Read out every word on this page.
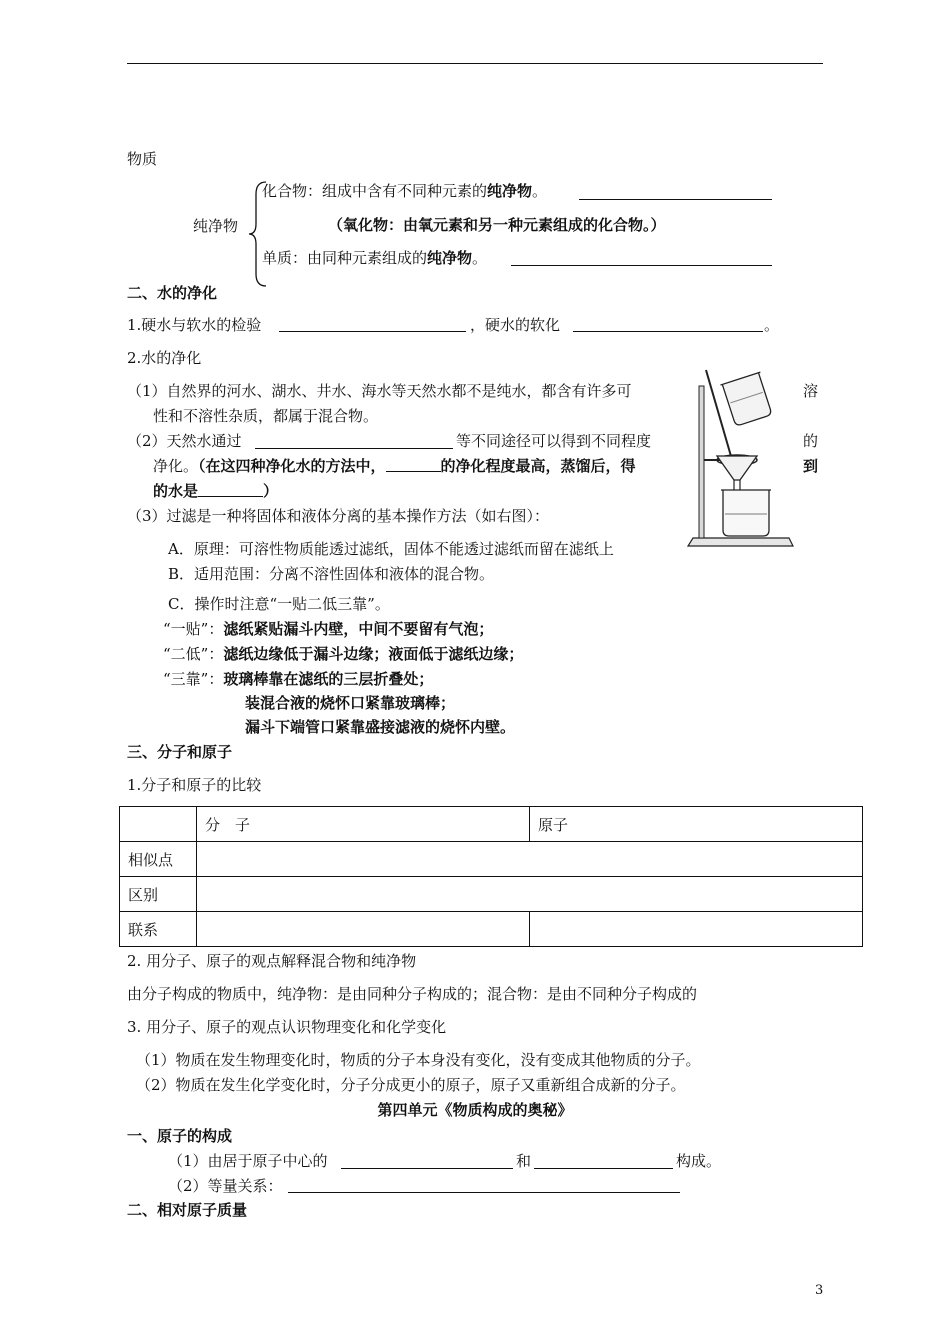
物质
纯净物
化合物：组成中含有不同种元素的纯净物。
（氧化物：由氧元素和另一种元素组成的化合物。）
单质：由同种元素组成的纯净物。
二、水的净化
1.硬水与软水的检验	，硬水的软化	。
2.水的净化
（1）自然界的河水、湖水、井水、海水等天然水都不是纯水，都含有许多可	溶
性和不溶性杂质，都属于混合物。
（2）天然水通过	等不同途径可以得到不同程度	的
净化。（在这四种净化水的方法中，	的净化程度最高，蒸馏后，得	到
的水是	）
（3）过滤是一种将固体和液体分离的基本操作方法（如右图）：
A．原理：可溶性物质能透过滤纸，固体不能透过滤纸而留在滤纸上
B．适用范围：分离不溶性固体和液体的混合物。
C．操作时注意“一贴二低三靠”。
“一贴”：滤纸紧贴漏斗内壁，中间不要留有气泡；
“二低”：滤纸边缘低于漏斗边缘；液面低于滤纸边缘；
“三靠”：玻璃棒靠在滤纸的三层折叠处；
装混合液的烧怀口紧靠玻璃棒；
漏斗下端管口紧靠盛接滤液的烧怀内壁。
三、分子和原子
1.分子和原子的比较
	分　子	原子
相似点		
区别		
联系		
2. 用分子、原子的观点解释混合物和纯净物
由分子构成的物质中，纯净物：是由同种分子构成的；混合物：是由不同种分子构成的
3. 用分子、原子的观点认识物理变化和化学变化
（1）物质在发生物理变化时，物质的分子本身没有变化，没有变成其他物质的分子。
（2）物质在发生化学变化时，分子分成更小的原子，原子又重新组合成新的分子。
第四单元《物质构成的奥秘》
一、原子的构成
（1）由居于原子中心的	和	构成。
（2）等量关系：
二、相对原子质量
3
